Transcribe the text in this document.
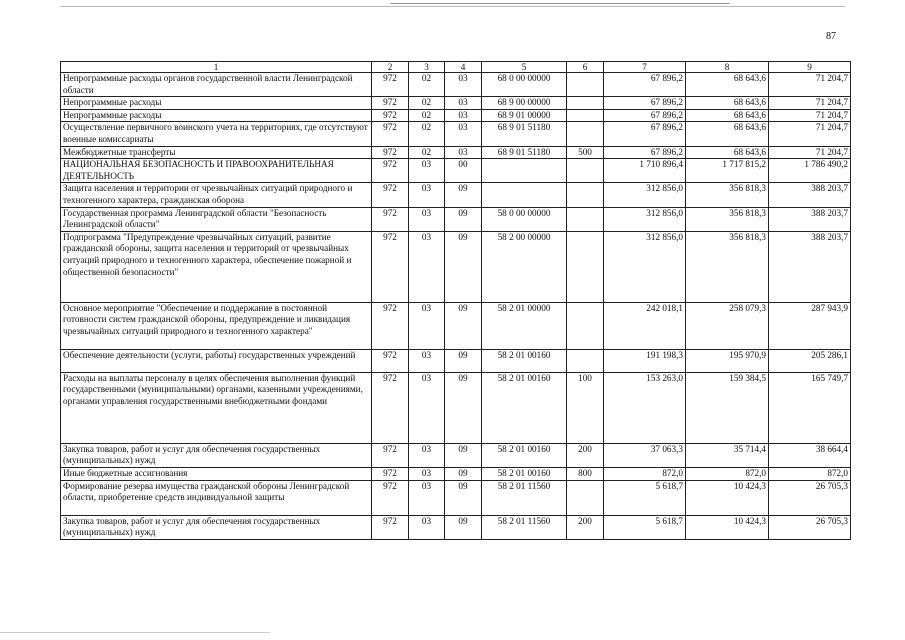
87
1	2	3	4	5	6	7	8	9
Непрограммные расходы органов государственной власти Ленинградской области	972	02	03	68 0 00 00000		67 896,2	68 643,6	71 204,7
Непрограммные расходы	972	02	03	68 9 00 00000		67 896,2	68 643,6	71 204,7
Непрограммные расходы	972	02	03	68 9 01 00000		67 896,2	68 643,6	71 204,7
Осуществление первичного воинского учета на территориях, где отсутствуют военные комиссариаты	972	02	03	68 9 01 51180		67 896,2	68 643,6	71 204,7
Межбюджетные трансферты	972	02	03	68 9 01 51180	500	67 896,2	68 643,6	71 204,7
НАЦИОНАЛЬНАЯ БЕЗОПАСНОСТЬ И ПРАВООХРАНИТЕЛЬНАЯ ДЕЯТЕЛЬНОСТЬ	972	03	00			1 710 896,4	1 717 815,2	1 786 490,2
Защита населения и территории от чрезвычайных ситуаций природного и техногенного характера, гражданская оборона	972	03	09			312 856,0	356 818,3	388 203,7
Государственная программа Ленинградской области "Безопасность Ленинградской области"	972	03	09	58 0 00 00000		312 856,0	356 818,3	388 203,7
Подпрограмма "Предупреждение чрезвычайных ситуаций, развитие гражданской обороны, защита населения и территорий от чрезвычайных ситуаций природного и техногенного характера, обеспечение пожарной и общественной безопасности"	972	03	09	58 2 00 00000		312 856,0	356 818,3	388 203,7
Основное мероприятие "Обеспечение и поддержание в постоянной готовности систем гражданской обороны, предупреждение и ликвидация чрезвычайных ситуаций природного и техногенного характера"	972	03	09	58 2 01 00000		242 018,1	258 079,3	287 943,9
Обеспечение деятельности (услуги, работы) государственных учреждений	972	03	09	58 2 01 00160		191 198,3	195 970,9	205 286,1
Расходы на выплаты персоналу в целях обеспечения выполнения функций государственными (муниципальными) органами, казенными учреждениями, органами управления государственными внебюджетными фондами	972	03	09	58 2 01 00160	100	153 263,0	159 384,5	165 749,7
Закупка товаров, работ и услуг для обеспечения государственных (муниципальных) нужд	972	03	09	58 2 01 00160	200	37 063,3	35 714,4	38 664,4
Иные бюджетные ассигнования	972	03	09	58 2 01 00160	800	872,0	872,0	872,0
Формирование резерва имущества гражданской обороны Ленинградской области, приобретение средств индивидуальной защиты	972	03	09	58 2 01 11560		5 618,7	10 424,3	26 705,3
Закупка товаров, работ и услуг для обеспечения государственных (муниципальных) нужд	972	03	09	58 2 01 11560	200	5 618,7	10 424,3	26 705,3
